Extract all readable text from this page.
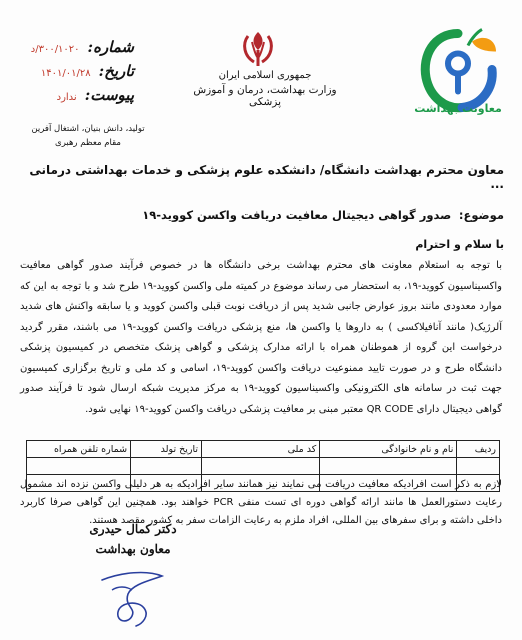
معاونت بهداشت
جمهوری اسلامی ایران
وزارت بهداشت، درمان و آموزش پزشکی
شماره:
۳۰۰/۱۰۲۰/د
تاریخ:
۱۴۰۱/۰۱/۲۸
پیوست:
ندارد
تولید، دانش بنیان، اشتغال آفرین
مقام معظم رهبری
معاون محترم بهداشت دانشگاه/ دانشکده علوم پزشکی و خدمات بهداشتی درمانی ...
موضوع: صدور گواهی دیجیتال معافیت دریافت واکسن کووید-۱۹
با سلام و احترام
با توجه به استعلام معاونت های محترم بهداشت برخی دانشگاه ها در خصوص فرآیند صدور گواهی معافیت واکسیناسیون کووید-۱۹، به استحضار می رساند موضوع در کمیته ملی واکسن کووید-۱۹ طرح شد و با توجه به این که موارد معدودی مانند بروز عوارض جانبی شدید پس از دریافت نوبت قبلی واکسن کووید و یا سابقه واکنش های شدید آلرژیک( مانند آنافیلاکسی ) به داروها یا واکسن ها، منع پزشکی دریافت واکسن کووید-۱۹ می باشند، مقرر گردید درخواست این گروه از هموطنان همراه با ارائه مدارک پزشکی و گواهی پزشک متخصص در کمیسیون پزشکی دانشگاه طرح و در صورت تایید ممنوعیت دریافت واکسن کووید-۱۹، اسامی و کد ملی و تاریخ برگزاری کمیسیون جهت ثبت در سامانه های الکترونیکی واکسیناسیون کووید-۱۹ به مرکز مدیریت شبکه ارسال شود تا فرآیند صدور گواهی دیجیتال دارای QR CODE معتبر مبنی بر معافیت پزشکی دریافت واکسن کووید-۱۹ نهایی شود.
ردیف	نام و نام خانوادگی	کد ملی	تاریخ تولد	شماره تلفن همراه

لازم به ذکر است افرادیکه معافیت دریافت می نمایند نیز همانند سایر افرادیکه به هر دلیلی واکسن نزده اند مشمول رعایت دستورالعمل ها مانند ارائه گواهی دوره ای تست منفی PCR خواهند بود. همچنین این گواهی صرفا کاربرد داخلی داشته و برای سفرهای بین المللی، افراد ملزم به رعایت الزامات سفر به کشور مقصد هستند.
دکتر کمال حیدری
معاون بهداشت
